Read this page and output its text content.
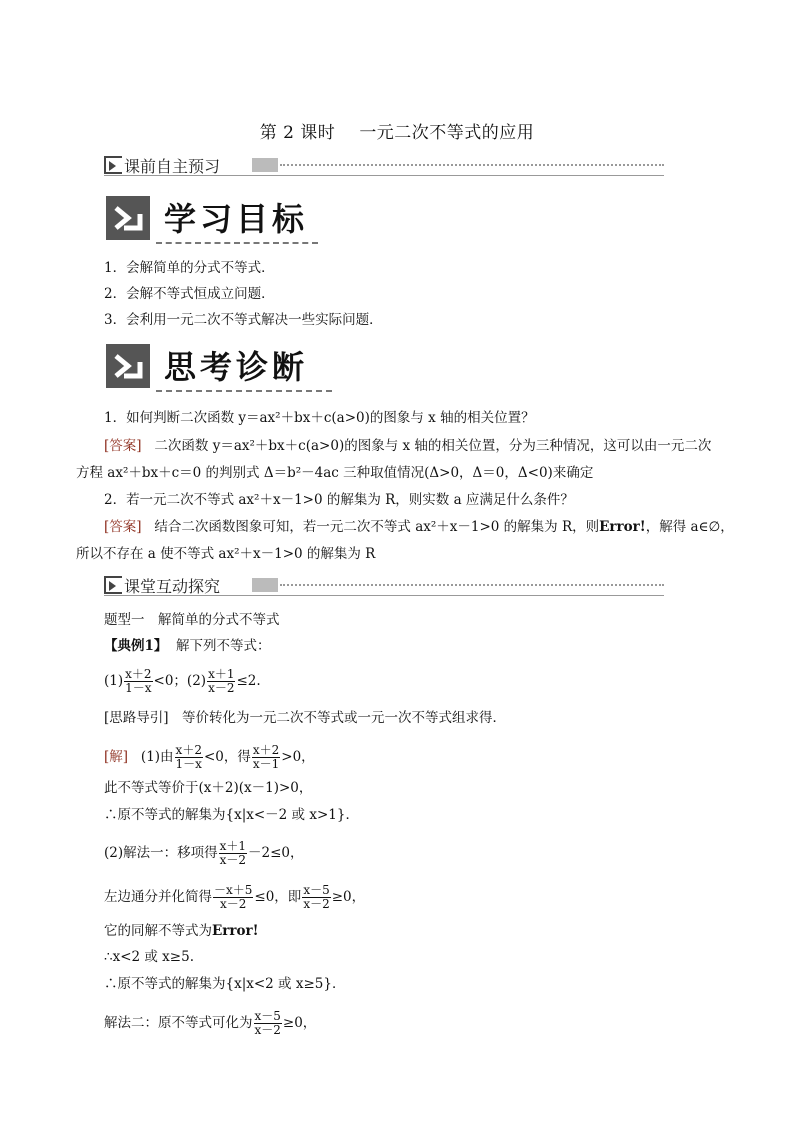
第 2 课时 一元二次不等式的应用
课前自主预习
学习目标
1．会解简单的分式不等式．
2．会解不等式恒成立问题．
3．会利用一元二次不等式解决一些实际问题．
思考诊断
1．如何判断二次函数 y＝ax²＋bx＋c(a>0)的图象与 x 轴的相关位置？
[答案] 二次函数 y＝ax²＋bx＋c(a>0)的图象与 x 轴的相关位置，分为三种情况，这可以由一元二次
方程 ax²＋bx＋c＝0 的判别式 Δ＝b²－4ac 三种取值情况(Δ>0，Δ＝0，Δ<0)来确定
2．若一元二次不等式 ax²＋x－1>0 的解集为 R，则实数 a 应满足什么条件？
[答案] 结合二次函数图象可知，若一元二次不等式 ax²＋x－1>0 的解集为 R，则Error!，解得 a∈∅，
所以不存在 a 使不等式 ax²＋x－1>0 的解集为 R
课堂互动探究
题型一　解简单的分式不等式
【典例1】 解下列不等式：
$(1) \frac{x+2}{1-x} <0$；$(2) \frac{x+1}{x-2} \le 2$.
[思路导引]　等价转化为一元二次不等式或一元一次不等式组求得．
[解] (1)由 $\frac{x+2}{1-x} <0$，得 $\frac{x+2}{x-1} >0$，
此不等式等价于(x＋2)(x－1)>0，
∴原不等式的解集为{x|x<－2 或 x>1}．
(2)解法一：移项得 $\frac{x+1}{x-2} -2\le 0$，
左边通分并化简得 $\frac{-x+5}{x-2} \le 0$，即 $\frac{x-5}{x-2} \ge 0$，
它的同解不等式为Error!
∴x<2 或 x≥5.
∴原不等式的解集为{x|x<2 或 x≥5}．
解法二：原不等式可化为 $\frac{x-5}{x-2} \ge 0$，
